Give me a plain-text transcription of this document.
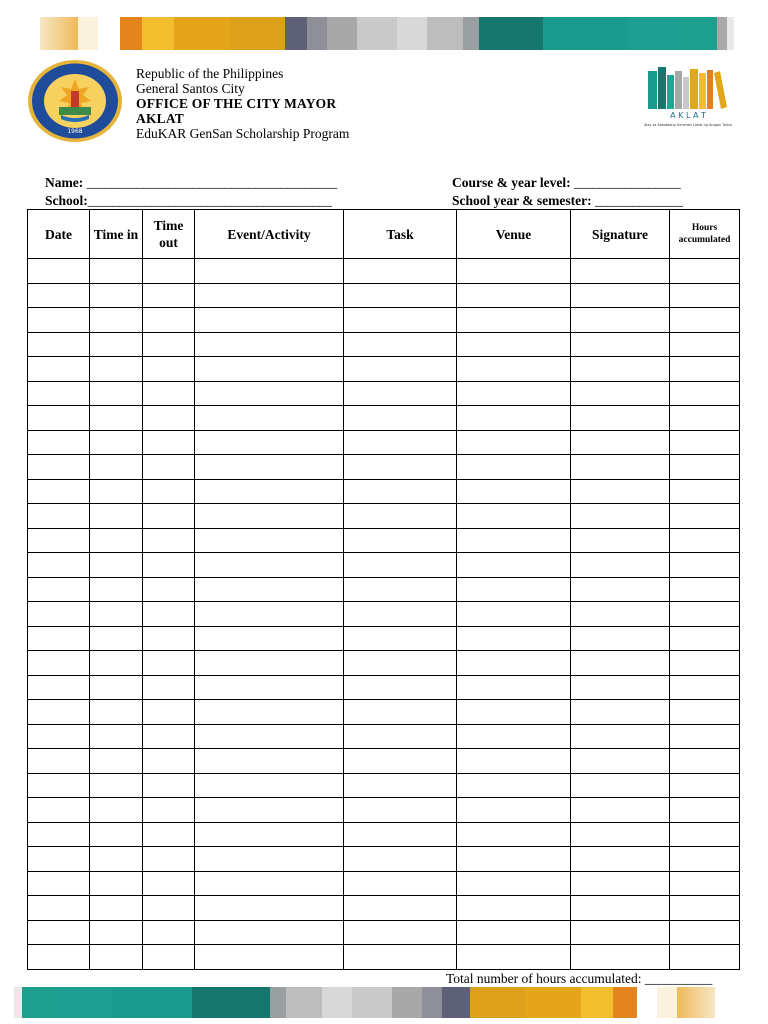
1968
Republic of the Philippines
General Santos City
OFFICE OF THE CITY MAYOR
AKLAT
EduKAR GenSan Scholarship Program
A K L A T
Alay sa Kabataang Generals Lahat ng Aragan Talino
Name: ________________________________________
School:_______________________________________
Course & year level: _________________
School year & semester: ______________
Date	Time in	Time out	Event/Activity	Task	Venue	Signature	Hours accumulated

Total number of hours accumulated: __________
